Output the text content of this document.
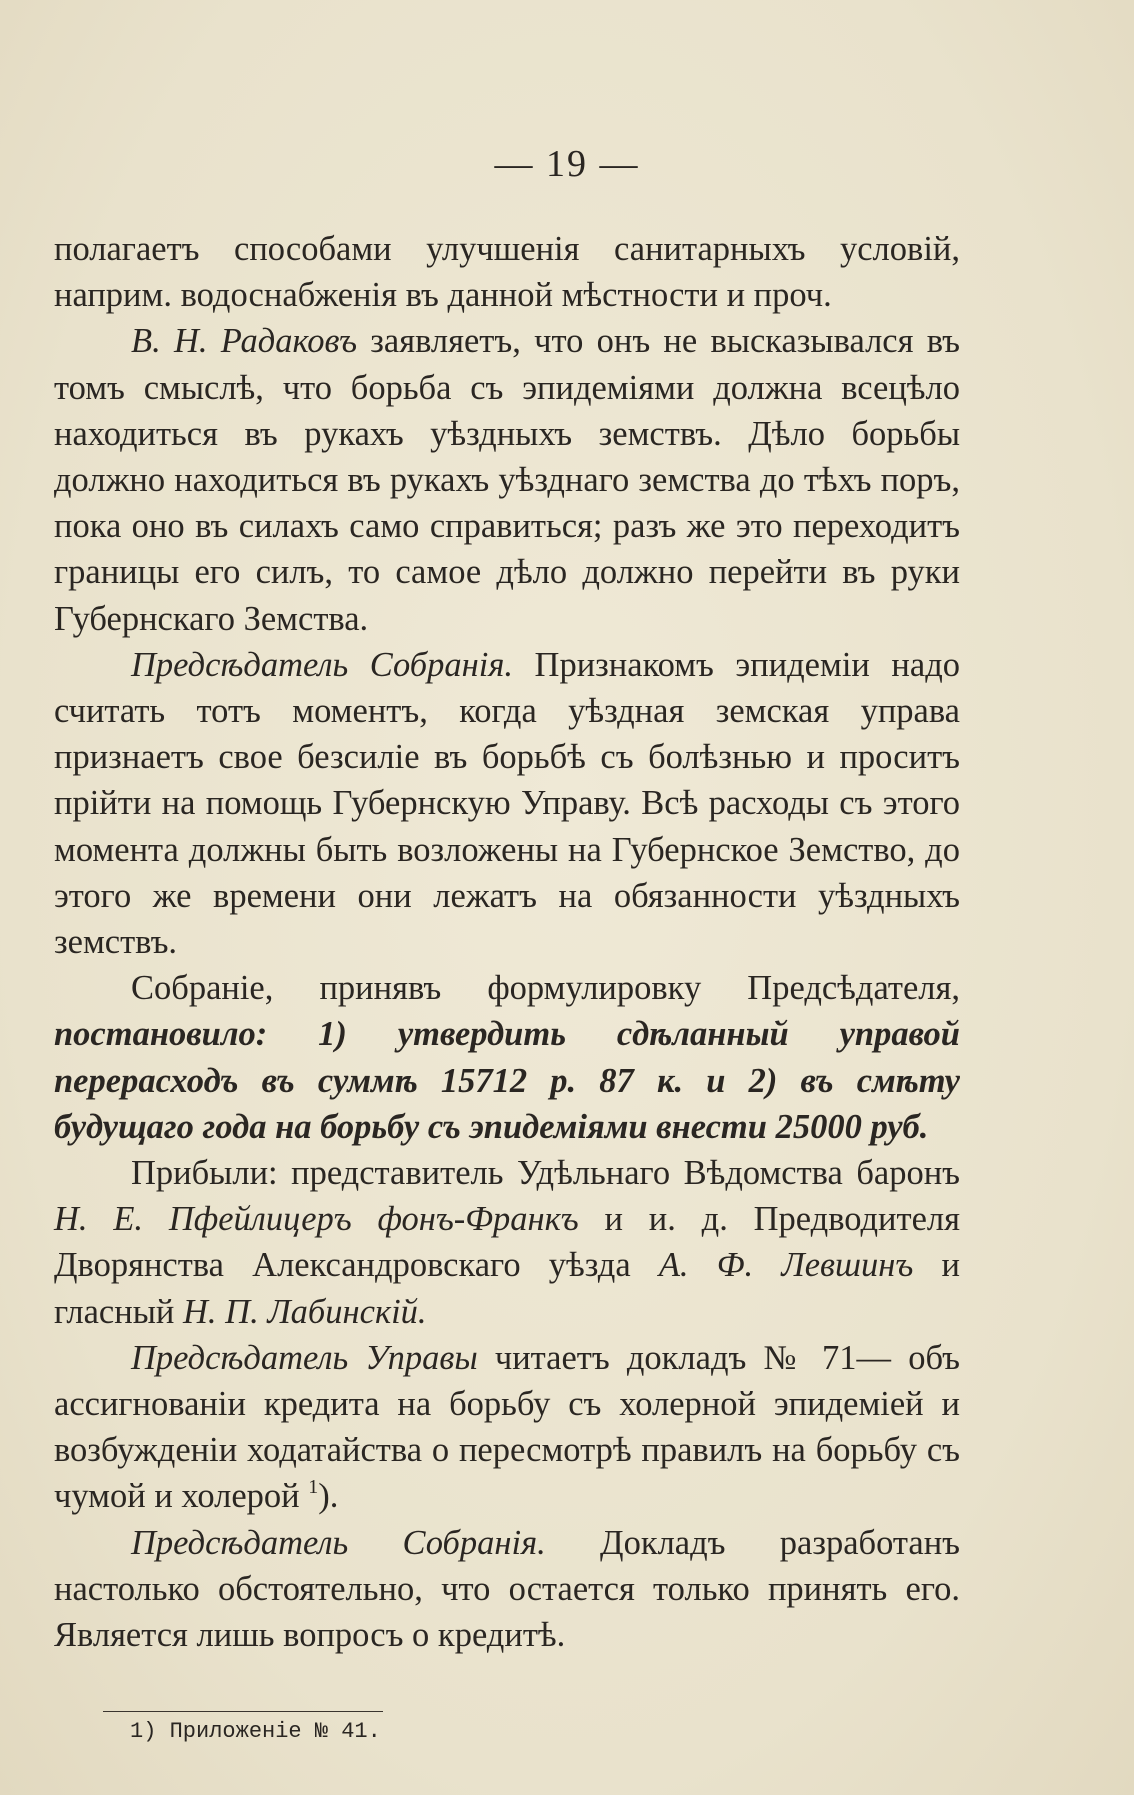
— 19 —

полагаетъ способами улучшенія санитарныхъ условій, наприм. водоснабженія въ данной мѣстности и проч.

В. Н. Радаковъ заявляетъ, что онъ не высказывался въ томъ смыслѣ, что борьба съ эпидеміями должна всецѣло находиться въ рукахъ уѣздныхъ земствъ. Дѣло борьбы должно находиться въ рукахъ уѣзднаго земства до тѣхъ поръ, пока оно въ силахъ само справиться; разъ же это переходитъ границы его силъ, то самое дѣло должно перейти въ руки Губернскаго Земства.

Предсѣдатель Собранія. Признакомъ эпидеміи надо считать тотъ моментъ, когда уѣздная земская управа признаетъ свое безсиліе въ борьбѣ съ болѣзнью и проситъ прійти на помощь Губернскую Управу. Всѣ расходы съ этого момента должны быть возложены на Губернское Земство, до этого же времени они лежатъ на обязанности уѣздныхъ земствъ.

Собраніе, принявъ формулировку Предсѣдателя, постановило: 1) утвердить сдѣланный управой перерасходъ въ суммѣ 15712 р. 87 к. и 2) въ смѣту будущаго года на борьбу съ эпидеміями внести 25000 руб.

Прибыли: представитель Удѣльнаго Вѣдомства баронъ Н. Е. Пфейлицеръ фонъ-Франкъ и и. д. Предводителя Дворянства Александровскаго уѣзда А. Ф. Левшинъ и гласный Н. П. Лабинскій.

Предсѣдатель Управы читаетъ докладъ № 71— объ ассигнованіи кредита на борьбу съ холерной эпидеміей и возбужденіи ходатайства о пересмотрѣ правилъ на борьбу съ чумой и холерой $^1$).

Предсѣдатель Собранія. Докладъ разработанъ настолько обстоятельно, что остается только принять его. Является лишь вопросъ о кредитѣ.

1) Приложеніе № 41.
